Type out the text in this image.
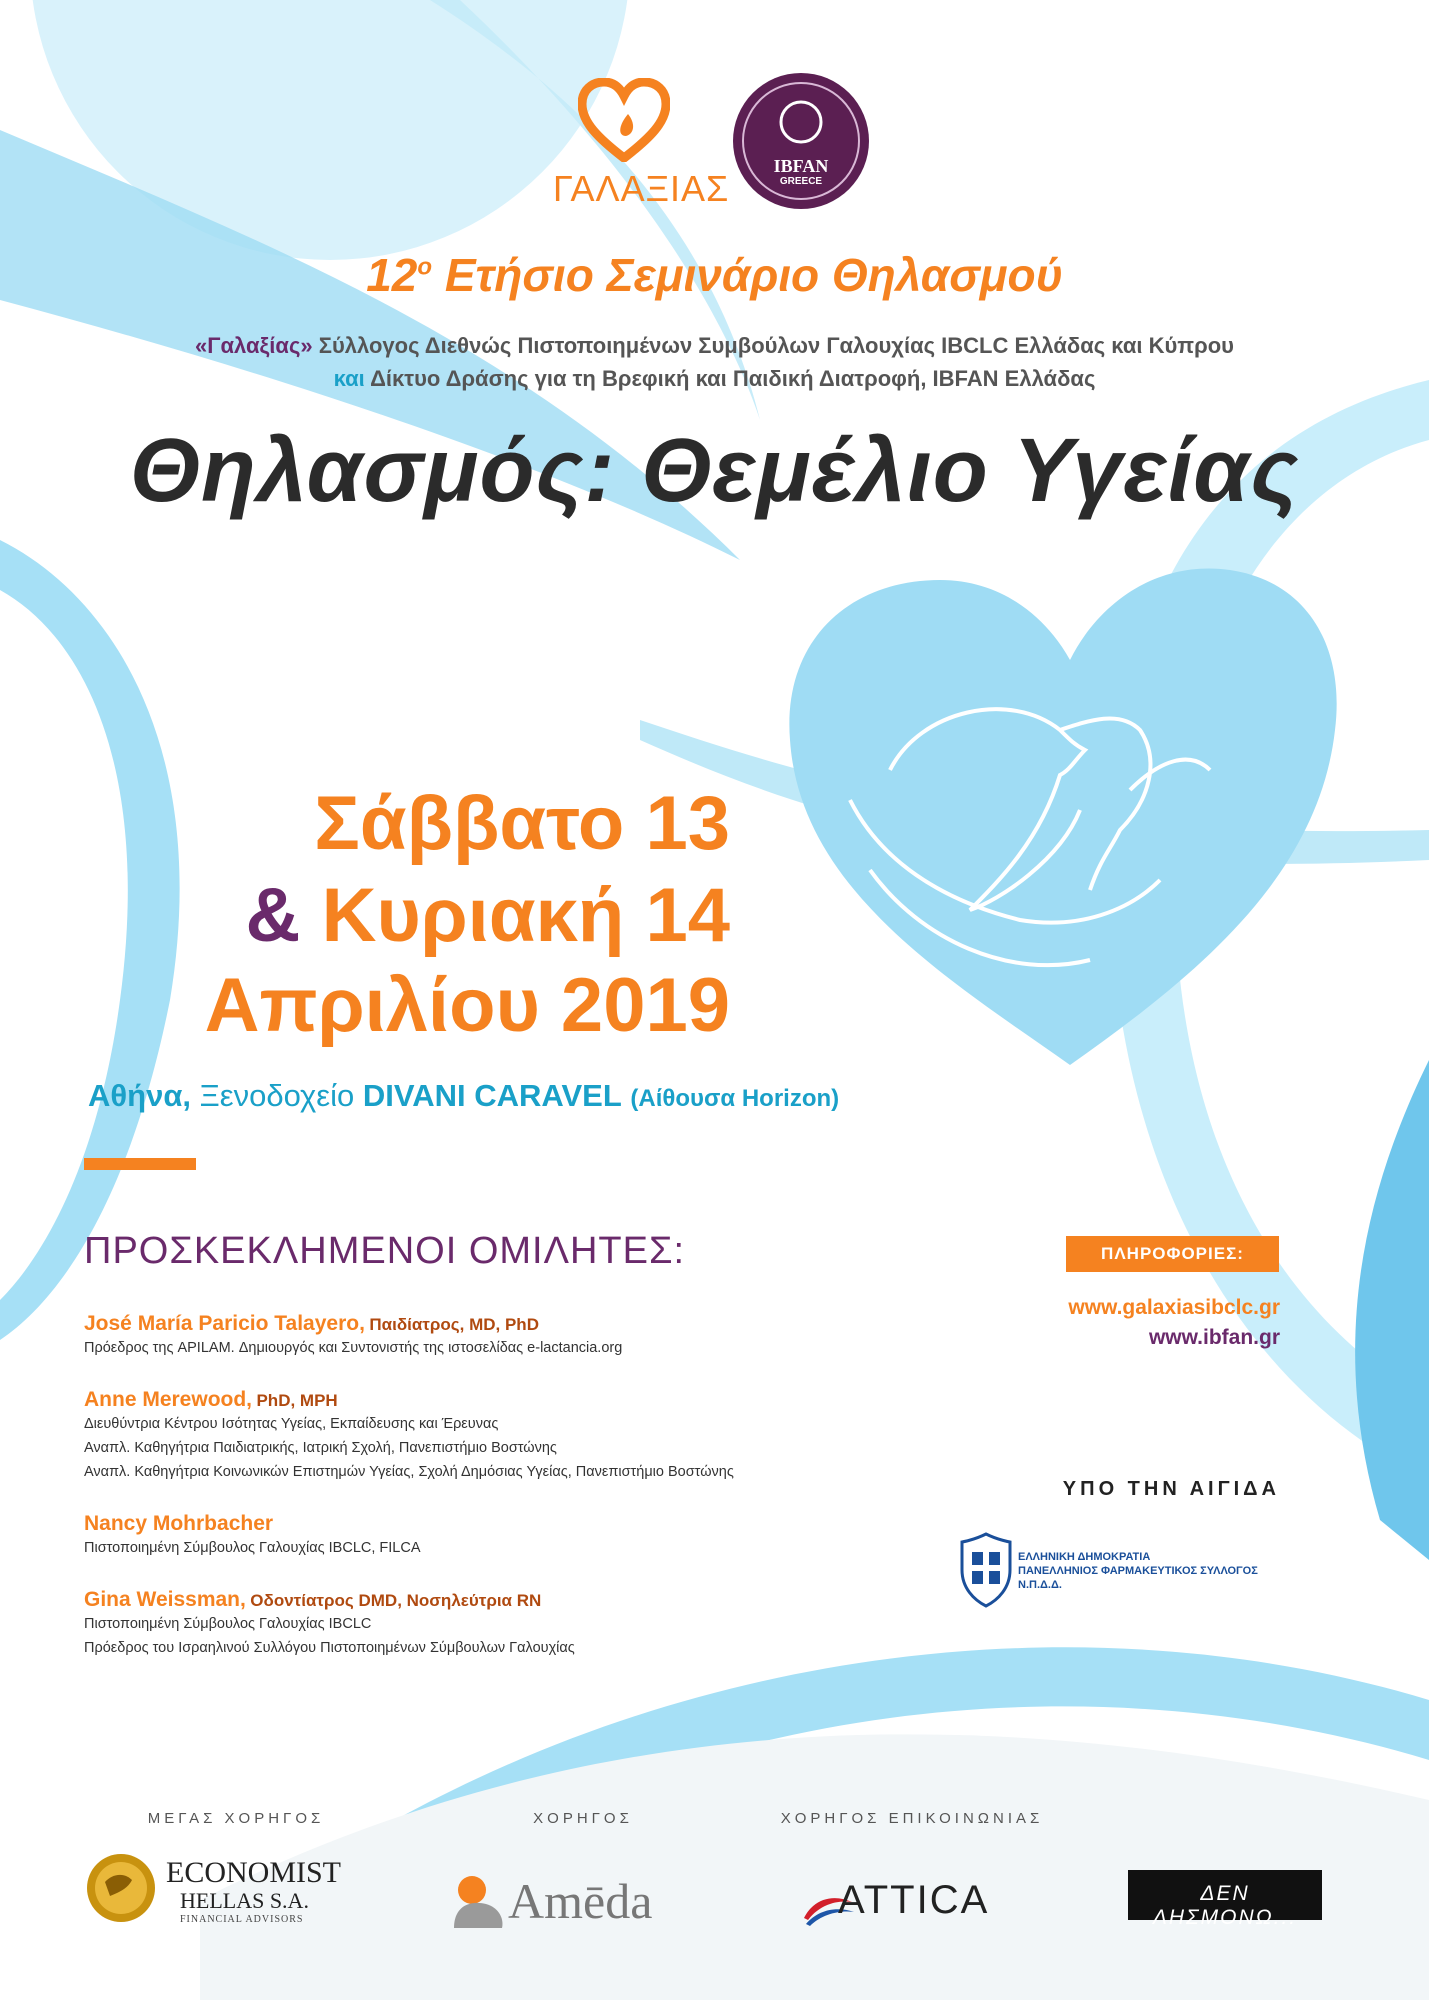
ΓΑΛΑΞΙΑΣ
IBFAN
GREECE
$12^o$ Ετήσιο Σεμινάριο Θηλασμού
«Γαλαξίας» Σύλλογος Διεθνώς Πιστοποιημένων Συμβούλων Γαλουχίας IBCLC Ελλάδας και Κύπρου
και Δίκτυο Δράσης για τη Βρεφική και Παιδική Διατροφή, IBFAN Ελλάδας
Θηλασμός: Θεμέλιο Υγείας
Σάββατο 13
& Κυριακή 14
Απριλίου 2019
Αθήνα, Ξενοδοχείο DIVANI CARAVEL (Αίθουσα Horizon)
ΠΡΟΣΚΕΚΛΗΜΕΝΟΙ ΟΜΙΛΗΤΕΣ:
José María Paricio Talayero, Παιδίατρος, MD, PhD
Πρόεδρος της APILAM. Δημιουργός και Συντονιστής της ιστοσελίδας e-lactancia.org
Anne Merewood, PhD, MPH
Διευθύντρια Κέντρου Ισότητας Υγείας, Εκπαίδευσης και Έρευνας
Αναπλ. Καθηγήτρια Παιδιατρικής, Ιατρική Σχολή, Πανεπιστήμιο Βοστώνης
Αναπλ. Καθηγήτρια Κοινωνικών Επιστημών Υγείας, Σχολή Δημόσιας Υγείας, Πανεπιστήμιο Βοστώνης
Nancy Mohrbacher
Πιστοποιημένη Σύμβουλος Γαλουχίας IBCLC, FILCA
Gina Weissman, Οδοντίατρος DMD, Νοσηλεύτρια RN
Πιστοποιημένη Σύμβουλος Γαλουχίας IBCLC
Πρόεδρος του Ισραηλινού Συλλόγου Πιστοποιημένων Σύμβουλων Γαλουχίας
ΠΛΗΡΟΦΟΡΙΕΣ:
www.galaxiasibclc.gr
www.ibfan.gr
ΥΠΟ ΤΗΝ ΑΙΓΙΔΑ
ΕΛΛΗΝΙΚΗ ΔΗΜΟΚΡΑΤΙΑ
ΠΑΝΕΛΛΗΝΙΟΣ ΦΑΡΜΑΚΕΥΤΙΚΟΣ ΣΥΛΛΟΓΟΣ
Ν.Π.Δ.Δ.
ΜΕΓΑΣ ΧΟΡΗΓΟΣ	ΧΟΡΗΓΟΣ	ΧΟΡΗΓΟΣ ΕΠΙΚΟΙΝΩΝΙΑΣ
ECONOMIST
HELLAS S.A.
FINANCIAL ADVISORS	Amēda	ATTICA	ΔΕΝ ΛΗΣΜΟΝΩ...
